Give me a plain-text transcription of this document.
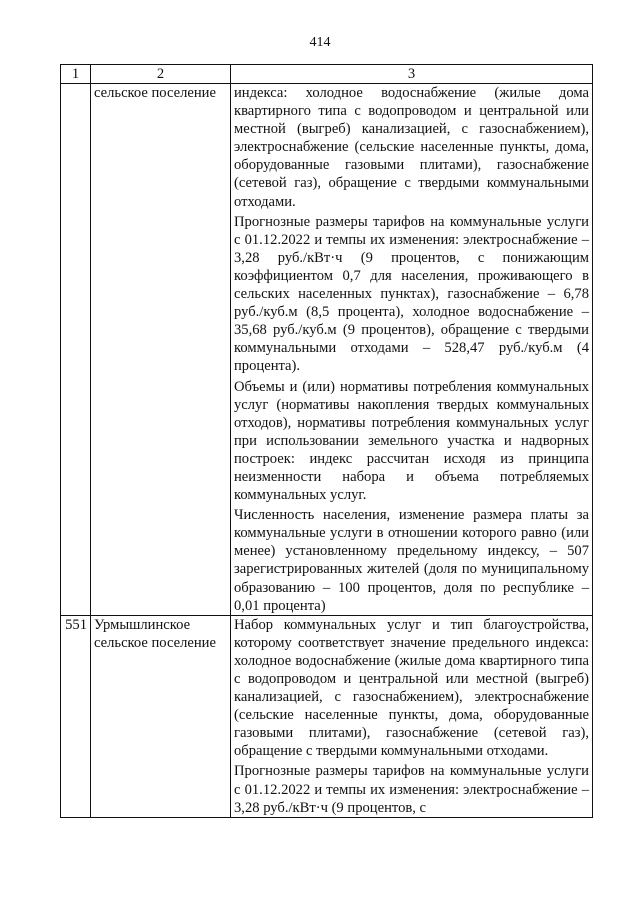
414
1	2	3
	сельское поселение	индекса: холодное водоснабжение (жилые дома квартирного типа с водопроводом и центральной или местной (выгреб) канализацией, с газоснабжением), электроснабжение (сельские населенные пункты, дома, оборудованные газовыми плитами), газоснабжение (сетевой газ), обращение с твердыми коммунальными отходами.

Прогнозные размеры тарифов на коммунальные услуги с 01.12.2022 и темпы их изменения: электроснабжение – 3,28 руб./кВт·ч (9 процентов, с понижающим коэффициентом 0,7 для населения, проживающего в сельских населенных пунктах), газоснабжение – 6,78 руб./куб.м (8,5 процента), холодное водоснабжение – 35,68 руб./куб.м (9 процентов), обращение с твердыми коммунальными отходами – 528,47 руб./куб.м (4 процента).

Объемы и (или) нормативы потребления коммунальных услуг (нормативы накопления твердых коммунальных отходов), нормативы потребления коммунальных услуг при использовании земельного участка и надворных построек: индекс рассчитан исходя из принципа неизменности набора и объема потребляемых коммунальных услуг.

Численность населения, изменение размера платы за коммунальные услуги в отношении которого равно (или менее) установленному предельному индексу, – 507 зарегистрированных жителей (доля по муниципальному образованию – 100 процентов, доля по республике – 0,01 процента)

551	Урмышлинское сельское поселение	Набор коммунальных услуг и тип благоустройства, которому соответствует значение предельного индекса: холодное водоснабжение (жилые дома квартирного типа с водопроводом и центральной или местной (выгреб) канализацией, с газоснабжением), электроснабжение (сельские населенные пункты, дома, оборудованные газовыми плитами), газоснабжение (сетевой газ), обращение с твердыми коммунальными отходами.

Прогнозные размеры тарифов на коммунальные услуги с 01.12.2022 и темпы их изменения: электроснабжение – 3,28 руб./кВт·ч (9 процентов, с
